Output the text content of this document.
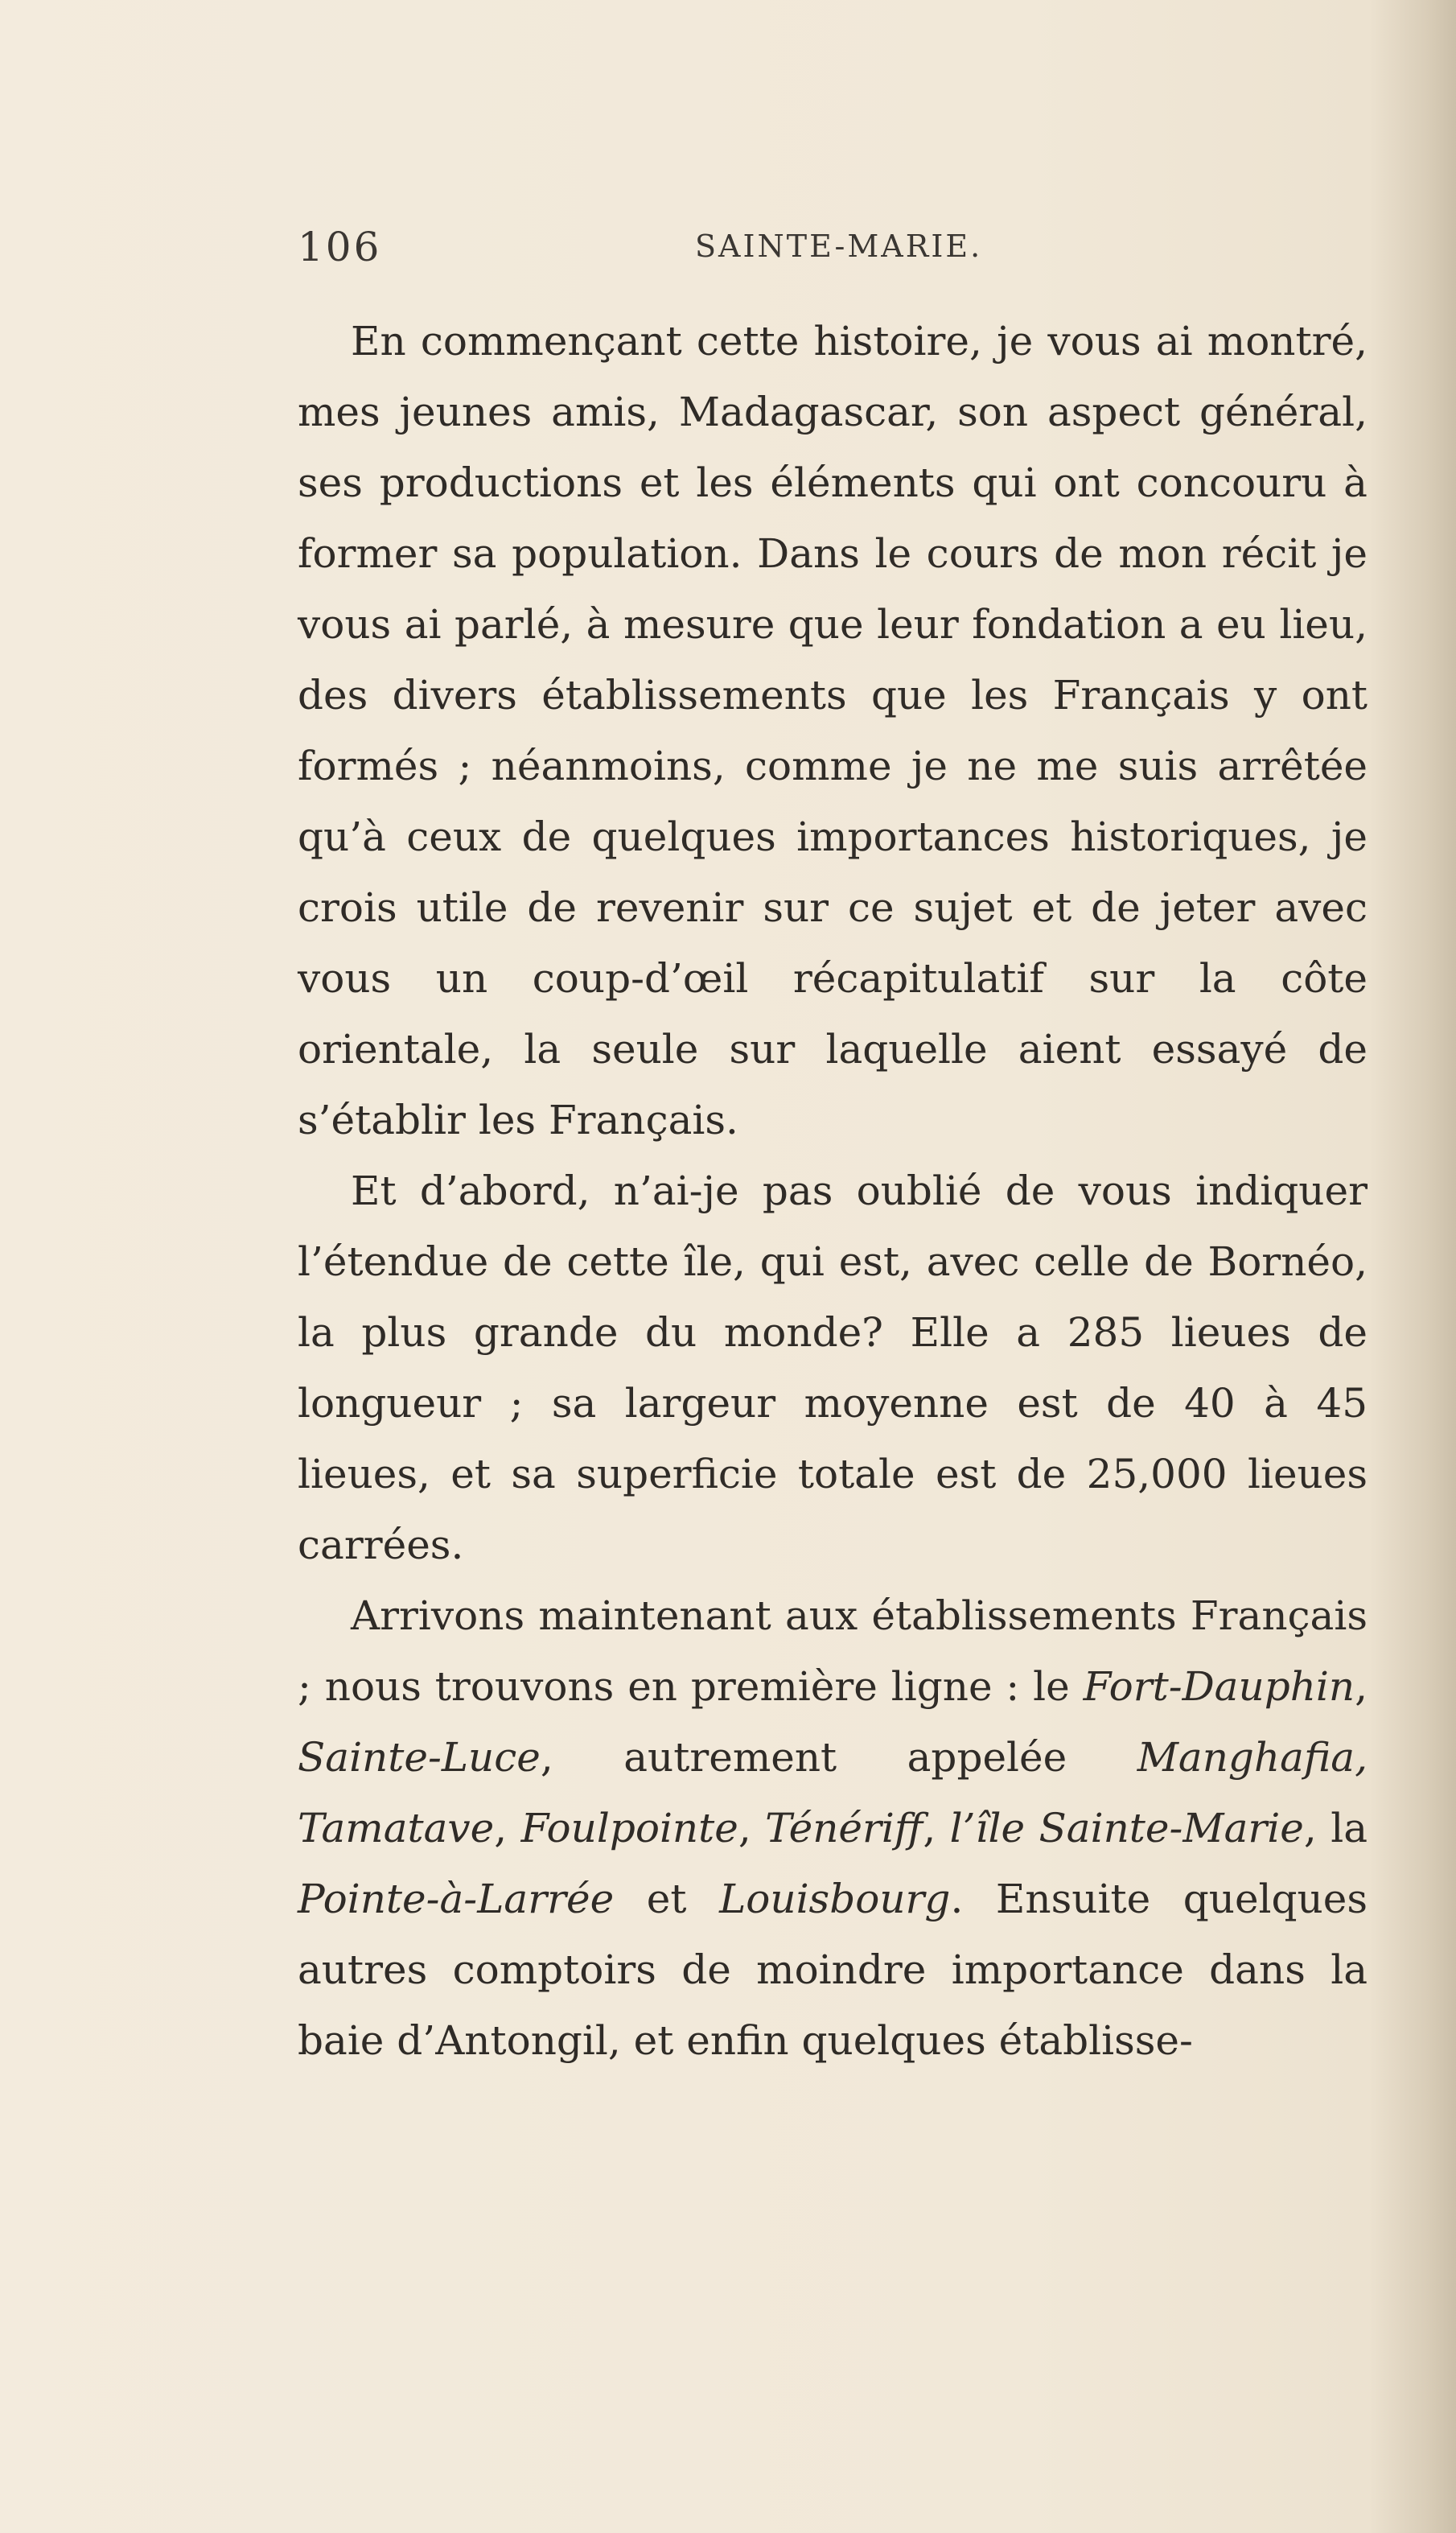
106	SAINTE-MARIE.

En commençant cette histoire, je vous ai montré, mes jeunes amis, Madagascar, son aspect général, ses productions et les éléments qui ont concouru à former sa population. Dans le cours de mon récit je vous ai parlé, à mesure que leur fondation a eu lieu, des divers établissements que les Français y ont formés ; néanmoins, comme je ne me suis arrêtée qu’à ceux de quelques importances historiques, je crois utile de revenir sur ce sujet et de jeter avec vous un coup-d’œil récapitulatif sur la côte orientale, la seule sur laquelle aient essayé de s’établir les Français.

Et d’abord, n’ai-je pas oublié de vous indiquer l’étendue de cette île, qui est, avec celle de Bornéo, la plus grande du monde? Elle a 285 lieues de longueur ; sa largeur moyenne est de 40 à 45 lieues, et sa superficie totale est de 25,000 lieues carrées.

Arrivons maintenant aux établissements Français ; nous trouvons en première ligne : le Fort-Dauphin, Sainte-Luce, autrement appelée Manghafia, Tamatave, Foulpointe, Ténériff, l’île Sainte-Marie, la Pointe-à-Larrée et Louisbourg. Ensuite quelques autres comptoirs de moindre importance dans la baie d’Antongil, et enfin quelques établisse-
